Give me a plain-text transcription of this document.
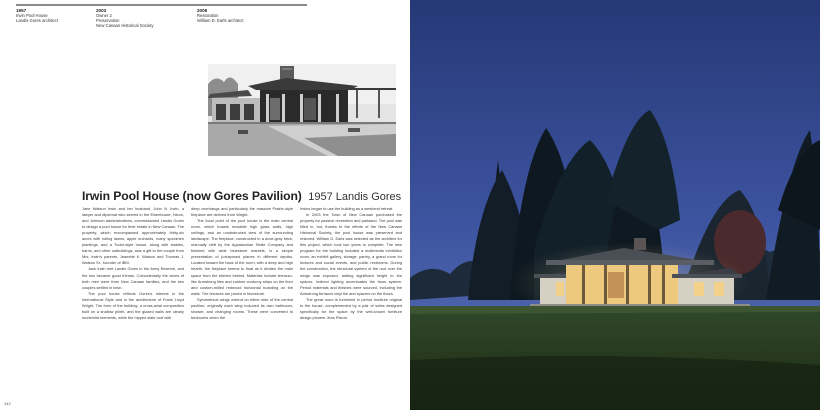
1957
Irwin Pool House
Landis Gores architect
2003
Owner 2
Preservation
New Canaan Historical Society
2006
Restoration
William D. Earls architect
Irwin Pool House (now Gores Pavilion) 1957 Landis Gores

Jane Watson Irwin and her husband, John N. Irwin, a lawyer and diplomat who served in the Eisenhower, Nixon, and Johnson administrations, commissioned Landis Gores to design a pool house for their estate in New Canaan. The property, which encompassed approximately thirty-six acres with rolling lawns, apple orchards, many specimen plantings, and a Tudor-style house, along with stables, barns, and other outbuildings, was a gift to the couple from Mrs. Irwin's parents, Jeanette K. Watson and Thomas J. Watson Sr., founder of IBM.

Jack Irwin met Landis Gores in the Army Reserve, and the two became good friends. Coincidentally the wives of both men were from New Canaan families, and the two couples settled in town.

The pool house reflects Gores's interest in the International Style and in the architecture of Frank Lloyd Wright. The form of the building, a cross-axial composition built on a shallow plinth, and the glazed walls are clearly modernist elements, while the hipped slate roof with

deep overhangs and particularly the massive Prairie-style fireplace are derived from Wright.

The focal point of the pool house is the main central room, which boasts movable high glass walls, high ceilings, and an unobstructed view of the surrounding landscape. The fireplace, constructed in a dove-gray brick, manually cleft by the Appalachian Shale Company and finished with wide bluestone mantels, is a simple presentation of juxtaposed planes in different depths. Located toward the back of the room, with a deep and high hearth, the fireplace seems to float as it divides the main space from the kitchen behind. Materials include terrazzo-like Armstrong tiles and custom corduroy strips on the floor and custom-milled redwood horizontal boarding on the walls. The terraces are paved in bluestone.

Symmetrical wings extend on either side of the central pavilion; originally each wing included its own bathroom, shower, and changing rooms. These were converted to bedrooms when the

Irwins began to use the building as a weekend retreat.

In 2003 the Town of New Canaan purchased the property for passive recreation and parkland. The pool was filled in, but, thanks to the efforts of the New Canaan Historical Society, the pool house was preserved and restored. William D. Earls was selected as the architect for this project, which took two years to complete. The new program for the building included a multimedia exhibition room, an exhibit gallery, storage, pantry, a grand room for lectures and social events, and public restrooms. During the construction, the structural system of the roof over the wings was exposed, adding significant height to the spaces. Indirect lighting accentuates the truss system. Period materials and finishes were sourced, including the Armstrong terrazzo vinyl tile and spacers on the floors.

The great room is furnished in period furniture original to the house, complemented by a pair of sofas designed specifically for the space by the well-known furniture design pioneer Jens Risom.

142
